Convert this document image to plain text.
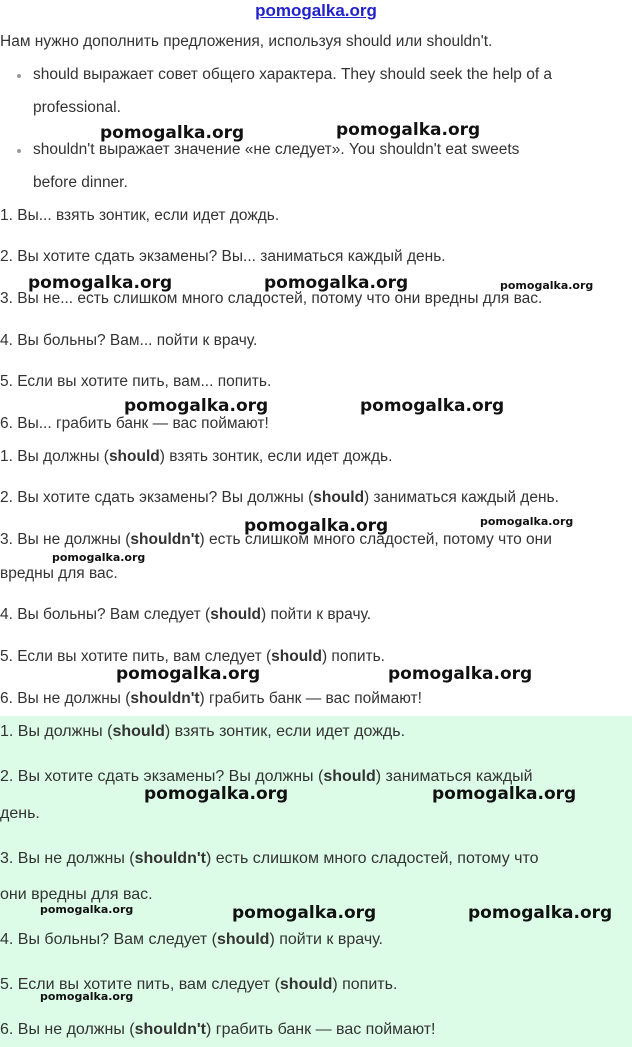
pomogalka.org
Нам нужно дополнить предложения, используя should или shouldn't.
should выражает совет общего характера. They should seek the help of a
professional.
shouldn't выражает значение «не следует». You shouldn't eat sweets
before dinner.
1. Вы... взять зонтик, если идет дождь.
2. Вы хотите сдать экзамены? Вы... заниматься каждый день.
3. Вы не... есть слишком много сладостей, потому что они вредны для вас.
4. Вы больны? Вам... пойти к врачу.
5. Если вы хотите пить, вам... попить.
6. Вы... грабить банк — вас поймают!
1. Вы должны (should) взять зонтик, если идет дождь.
2. Вы хотите сдать экзамены? Вы должны (should) заниматься каждый день.
3. Вы не должны (shouldn't) есть слишком много сладостей, потому что они
вредны для вас.
4. Вы больны? Вам следует (should) пойти к врачу.
5. Если вы хотите пить, вам следует (should) попить.
6. Вы не должны (shouldn't) грабить банк — вас поймают!
1. Вы должны (should) взять зонтик, если идет дождь.
2. Вы хотите сдать экзамены? Вы должны (should) заниматься каждый
день.
3. Вы не должны (shouldn't) есть слишком много сладостей, потому что
они вредны для вас.
4. Вы больны? Вам следует (should) пойти к врачу.
5. Если вы хотите пить, вам следует (should) попить.
6. Вы не должны (shouldn't) грабить банк — вас поймают!
pomogalka.org	pomogalka.org
pomogalka.org	pomogalka.org	pomogalka.org
pomogalka.org	pomogalka.org
pomogalka.org	pomogalka.org
pomogalka.org
pomogalka.org	pomogalka.org
pomogalka.org	pomogalka.org
pomogalka.org	pomogalka.org	pomogalka.org
pomogalka.org
